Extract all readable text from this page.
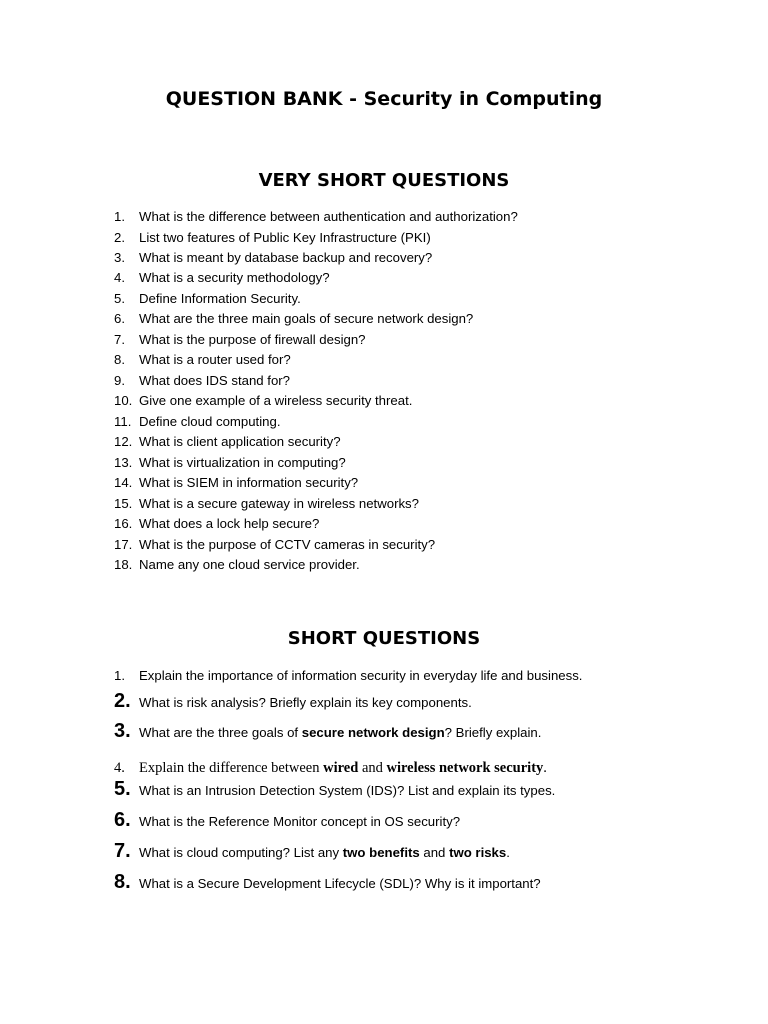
QUESTION BANK - Security in Computing
VERY SHORT QUESTIONS
1. What is the difference between authentication and authorization?
2. List two features of Public Key Infrastructure (PKI)
3. What is meant by database backup and recovery?
4. What is a security methodology?
5. Define Information Security.
6. What are the three main goals of secure network design?
7. What is the purpose of firewall design?
8. What is a router used for?
9. What does IDS stand for?
10. Give one example of a wireless security threat.
11. Define cloud computing.
12. What is client application security?
13. What is virtualization in computing?
14. What is SIEM in information security?
15. What is a secure gateway in wireless networks?
16. What does a lock help secure?
17. What is the purpose of CCTV cameras in security?
18. Name any one cloud service provider.
SHORT QUESTIONS
1. Explain the importance of information security in everyday life and business.
2. What is risk analysis? Briefly explain its key components.
3. What are the three goals of secure network design? Briefly explain.
4. Explain the difference between wired and wireless network security.
5. What is an Intrusion Detection System (IDS)? List and explain its types.
6. What is the Reference Monitor concept in OS security?
7. What is cloud computing? List any two benefits and two risks.
8. What is a Secure Development Lifecycle (SDL)? Why is it important?
